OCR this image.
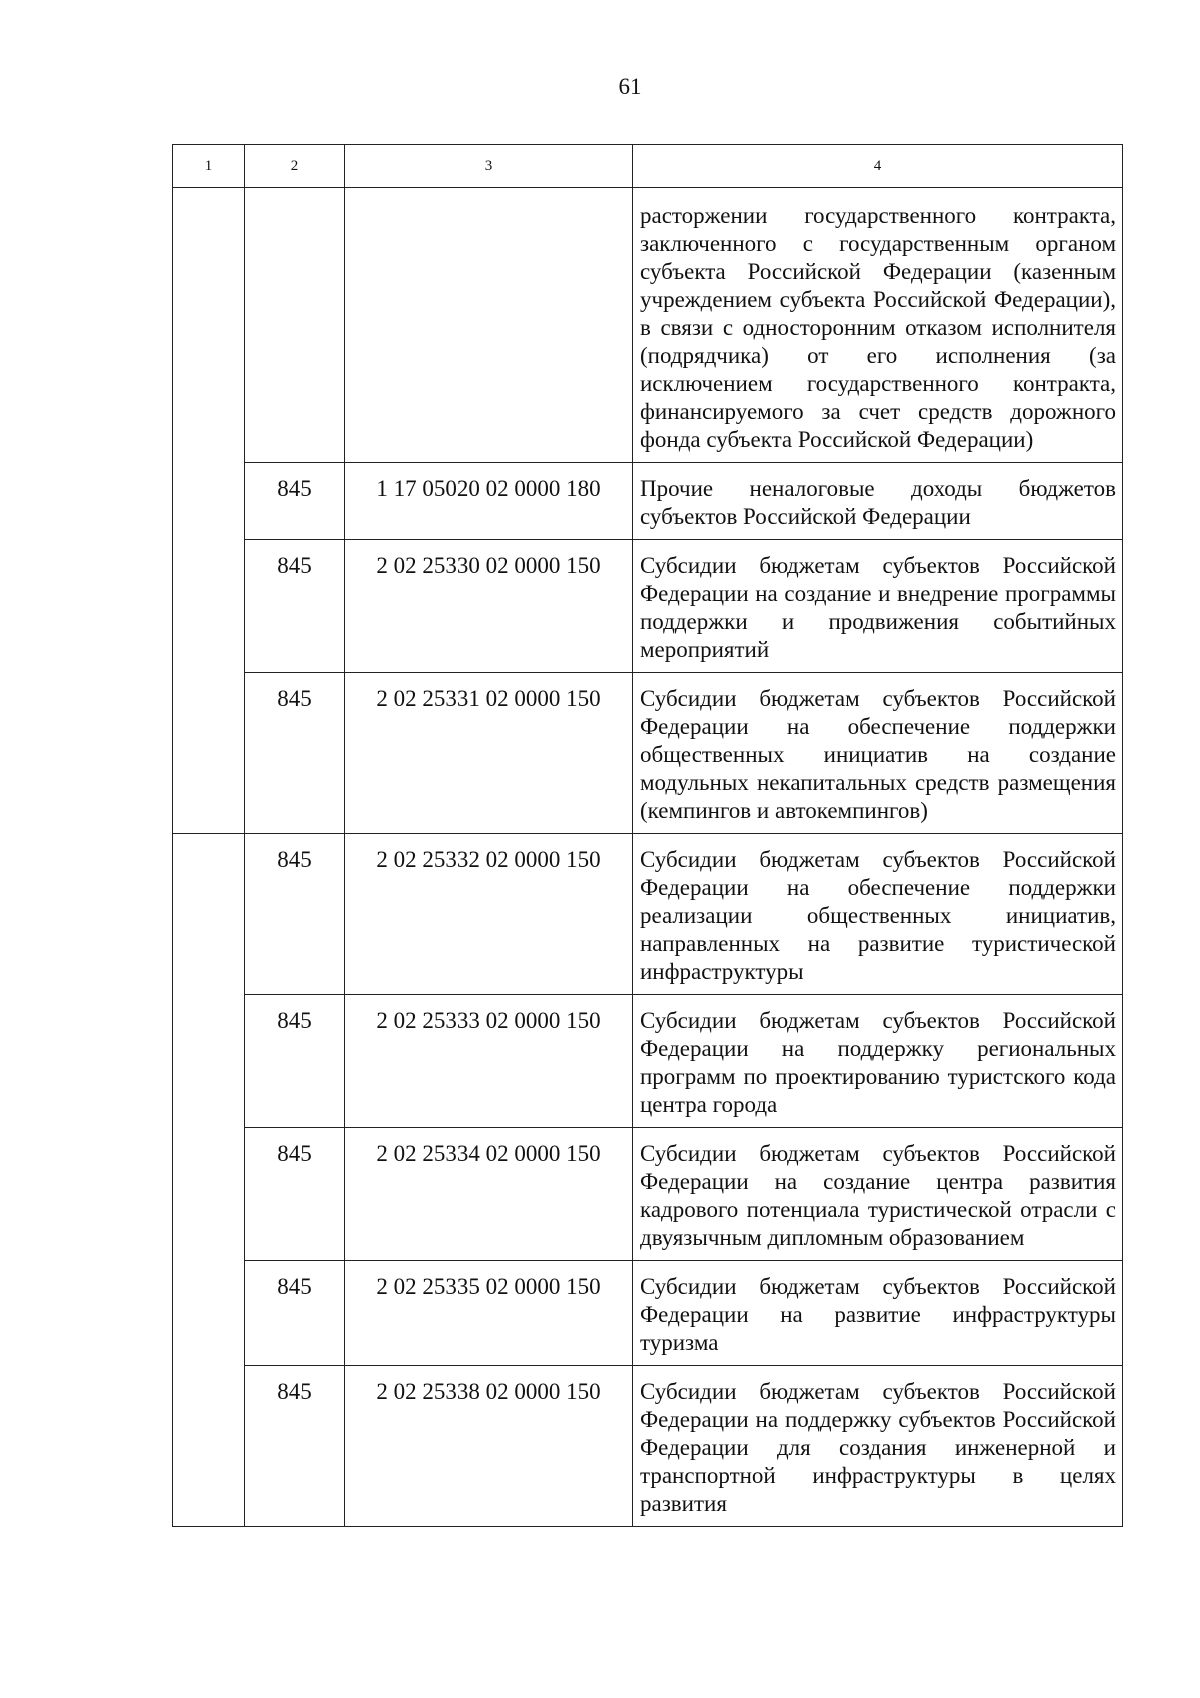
61
1	2	3	4
			расторжении государственного контракта, заключенного с государственным органом субъекта Российской Федерации (казенным учреждением субъекта Российской Федерации), в связи с односторонним отказом исполнителя (подрядчика) от его исполнения (за исключением государственного контракта, финансируемого за счет средств дорожного фонда субъекта Российской Федерации)
	845	1 17 05020 02 0000 180	Прочие неналоговые доходы бюджетов субъектов Российской Федерации
	845	2 02 25330 02 0000 150	Субсидии бюджетам субъектов Российской Федерации на создание и внедрение программы поддержки и продвижения событийных мероприятий
	845	2 02 25331 02 0000 150	Субсидии бюджетам субъектов Российской Федерации на обеспечение поддержки общественных инициатив на создание модульных некапитальных средств размещения (кемпингов и автокемпингов)
	845	2 02 25332 02 0000 150	Субсидии бюджетам субъектов Российской Федерации на обеспечение поддержки реализации общественных инициатив, направленных на развитие туристической инфраструктуры
	845	2 02 25333 02 0000 150	Субсидии бюджетам субъектов Российской Федерации на поддержку региональных программ по проектированию туристского кода центра города
	845	2 02 25334 02 0000 150	Субсидии бюджетам субъектов Российской Федерации на создание центра развития кадрового потенциала туристической отрасли с двуязычным дипломным образованием
	845	2 02 25335 02 0000 150	Субсидии бюджетам субъектов Российской Федерации на развитие инфраструктуры туризма
	845	2 02 25338 02 0000 150	Субсидии бюджетам субъектов Российской Федерации на поддержку субъектов Российской Федерации для создания инженерной и транспортной инфраструктуры в целях развития
